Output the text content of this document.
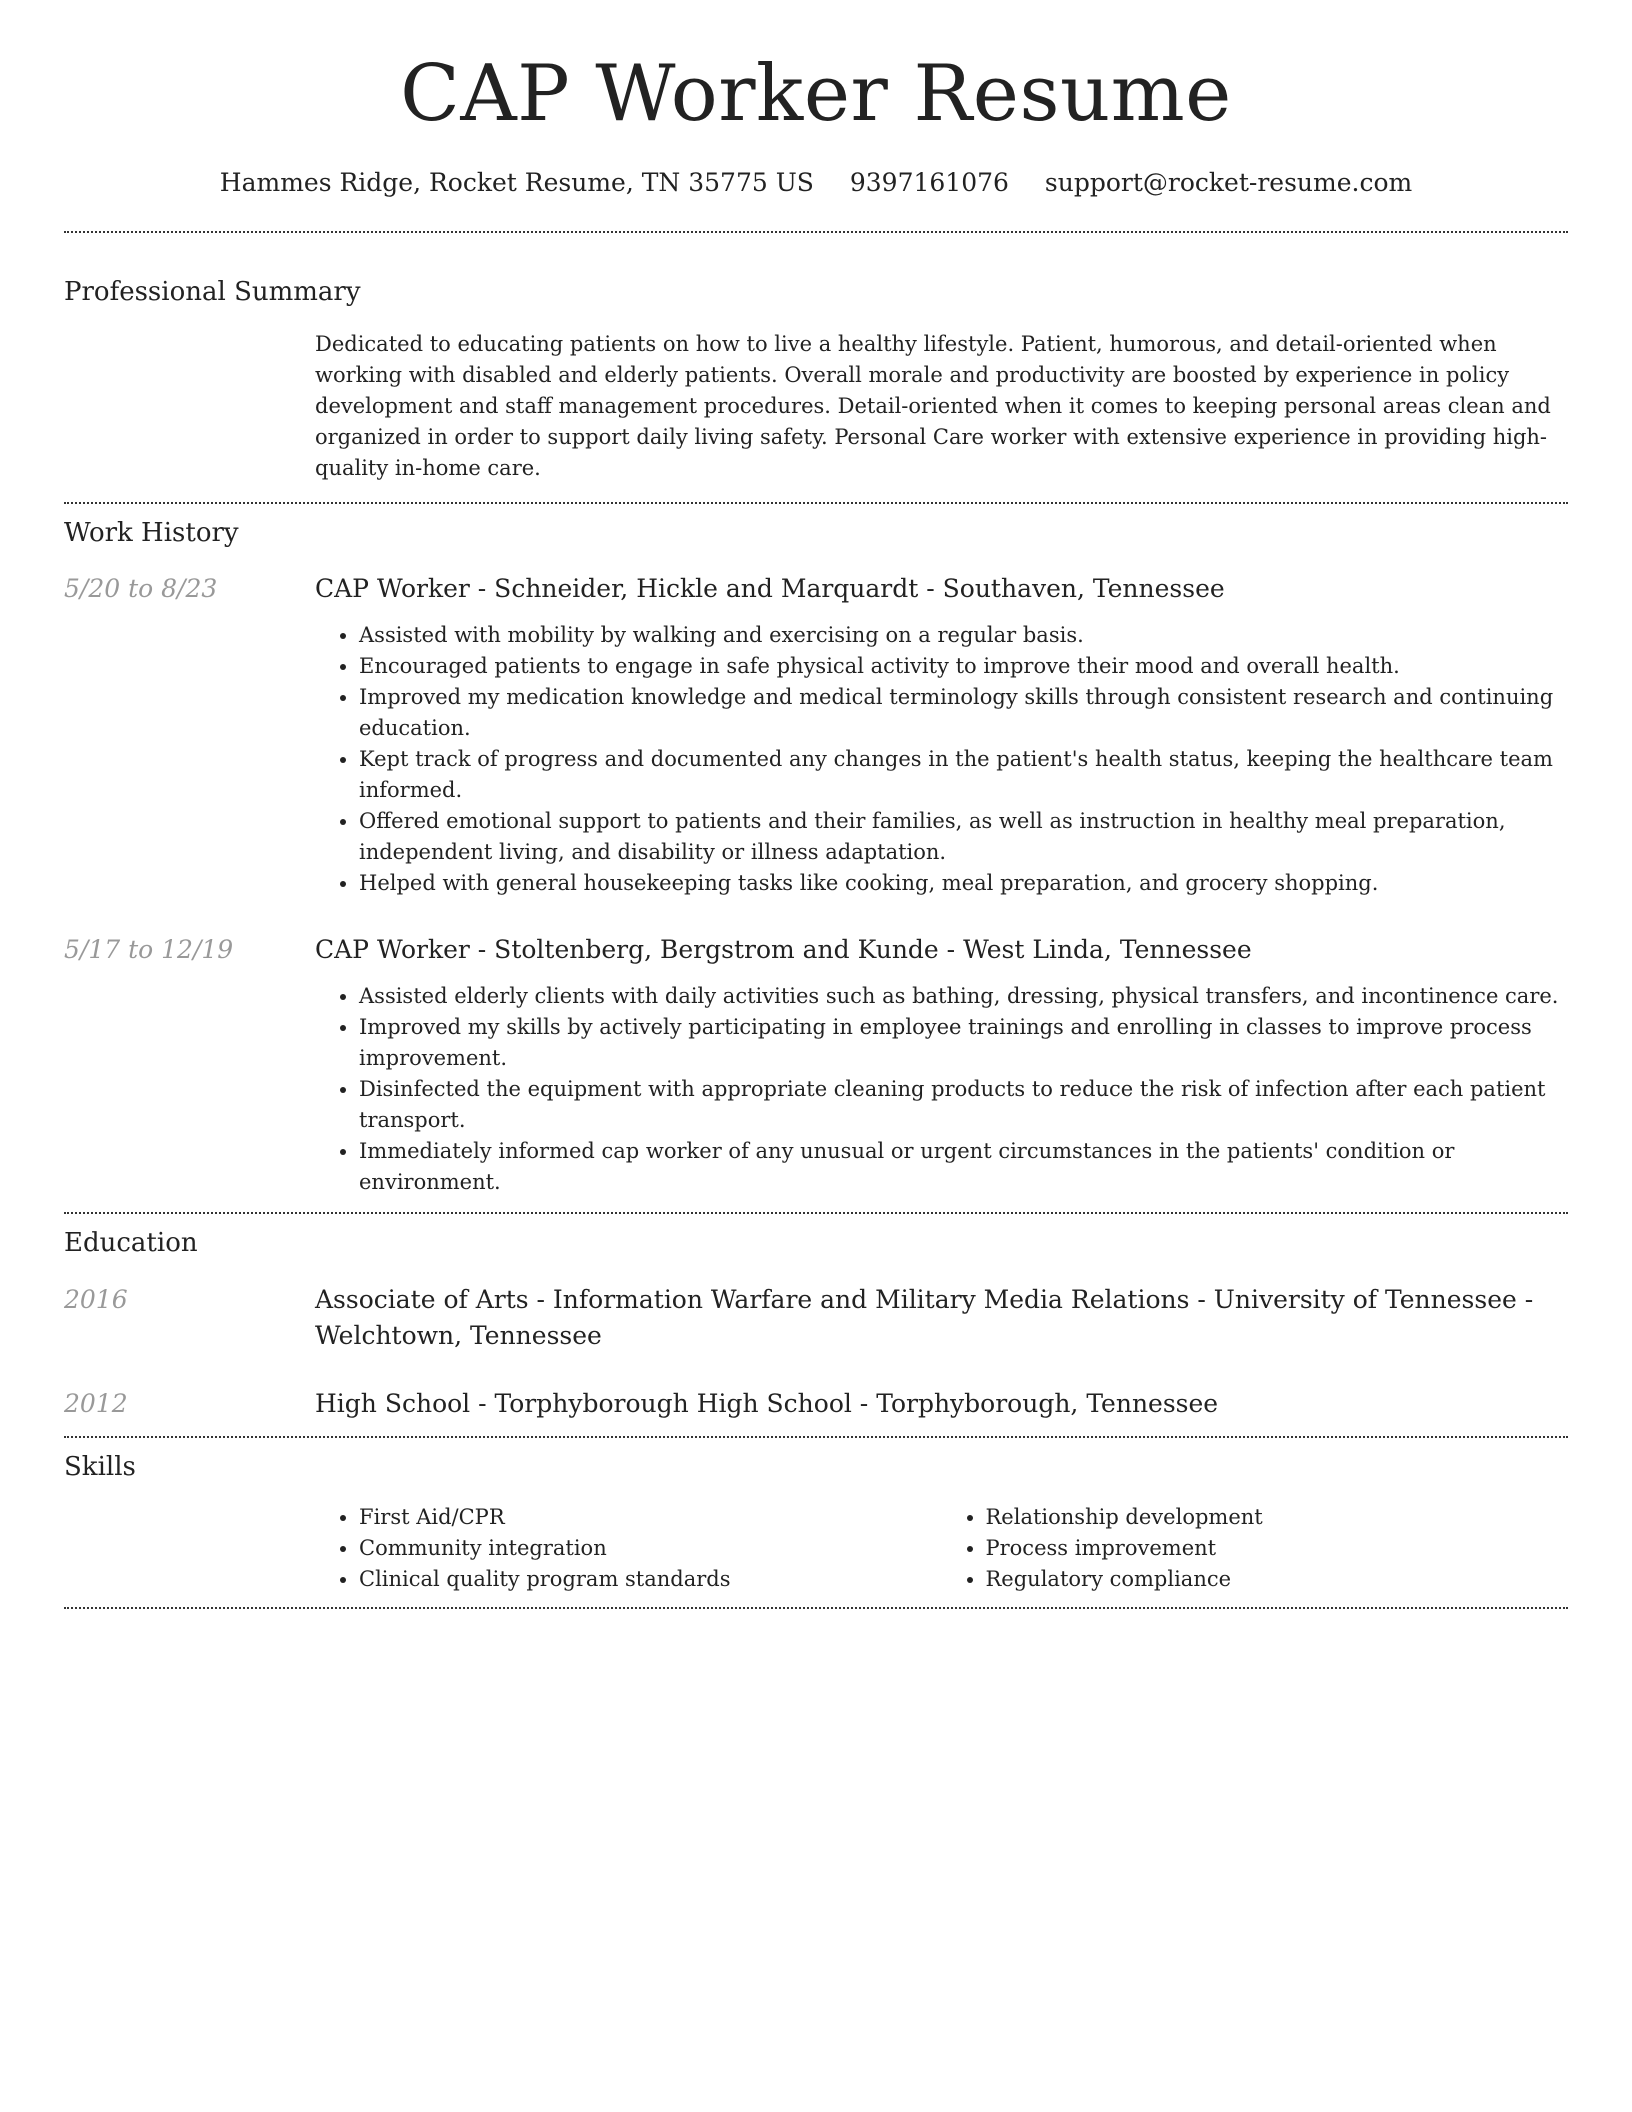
CAP Worker Resume
Hammes Ridge, Rocket Resume, TN 35775 US 9397161076 support@rocket-resume.com
Professional Summary

Dedicated to educating patients on how to live a healthy lifestyle. Patient, humorous, and detail-oriented when working with disabled and elderly patients. Overall morale and productivity are boosted by experience in policy development and staff management procedures. Detail-oriented when it comes to keeping personal areas clean and organized in order to support daily living safety. Personal Care worker with extensive experience in providing high-quality in-home care.

Work History
5/20 to 8/23	CAP Worker - Schneider, Hickle and Marquardt - Southaven, Tennessee

• Assisted with mobility by walking and exercising on a regular basis.
• Encouraged patients to engage in safe physical activity to improve their mood and overall health.
• Improved my medication knowledge and medical terminology skills through consistent research and continuing education.
• Kept track of progress and documented any changes in the patient's health status, keeping the healthcare team informed.
• Offered emotional support to patients and their families, as well as instruction in healthy meal preparation, independent living, and disability or illness adaptation.
• Helped with general housekeeping tasks like cooking, meal preparation, and grocery shopping.
5/17 to 12/19	CAP Worker - Stoltenberg, Bergstrom and Kunde - West Linda, Tennessee

• Assisted elderly clients with daily activities such as bathing, dressing, physical transfers, and incontinence care.
• Improved my skills by actively participating in employee trainings and enrolling in classes to improve process improvement.
• Disinfected the equipment with appropriate cleaning products to reduce the risk of infection after each patient transport.
• Immediately informed cap worker of any unusual or urgent circumstances in the patients' condition or environment.
Education
2016	Associate of Arts - Information Warfare and Military Media Relations - University of Tennessee - Welchtown, Tennessee

2012	High School - Torphyborough High School - Torphyborough, Tennessee

Skills
• First Aid/CPR
• Community integration
• Clinical quality program standards
• Relationship development
• Process improvement
• Regulatory compliance
